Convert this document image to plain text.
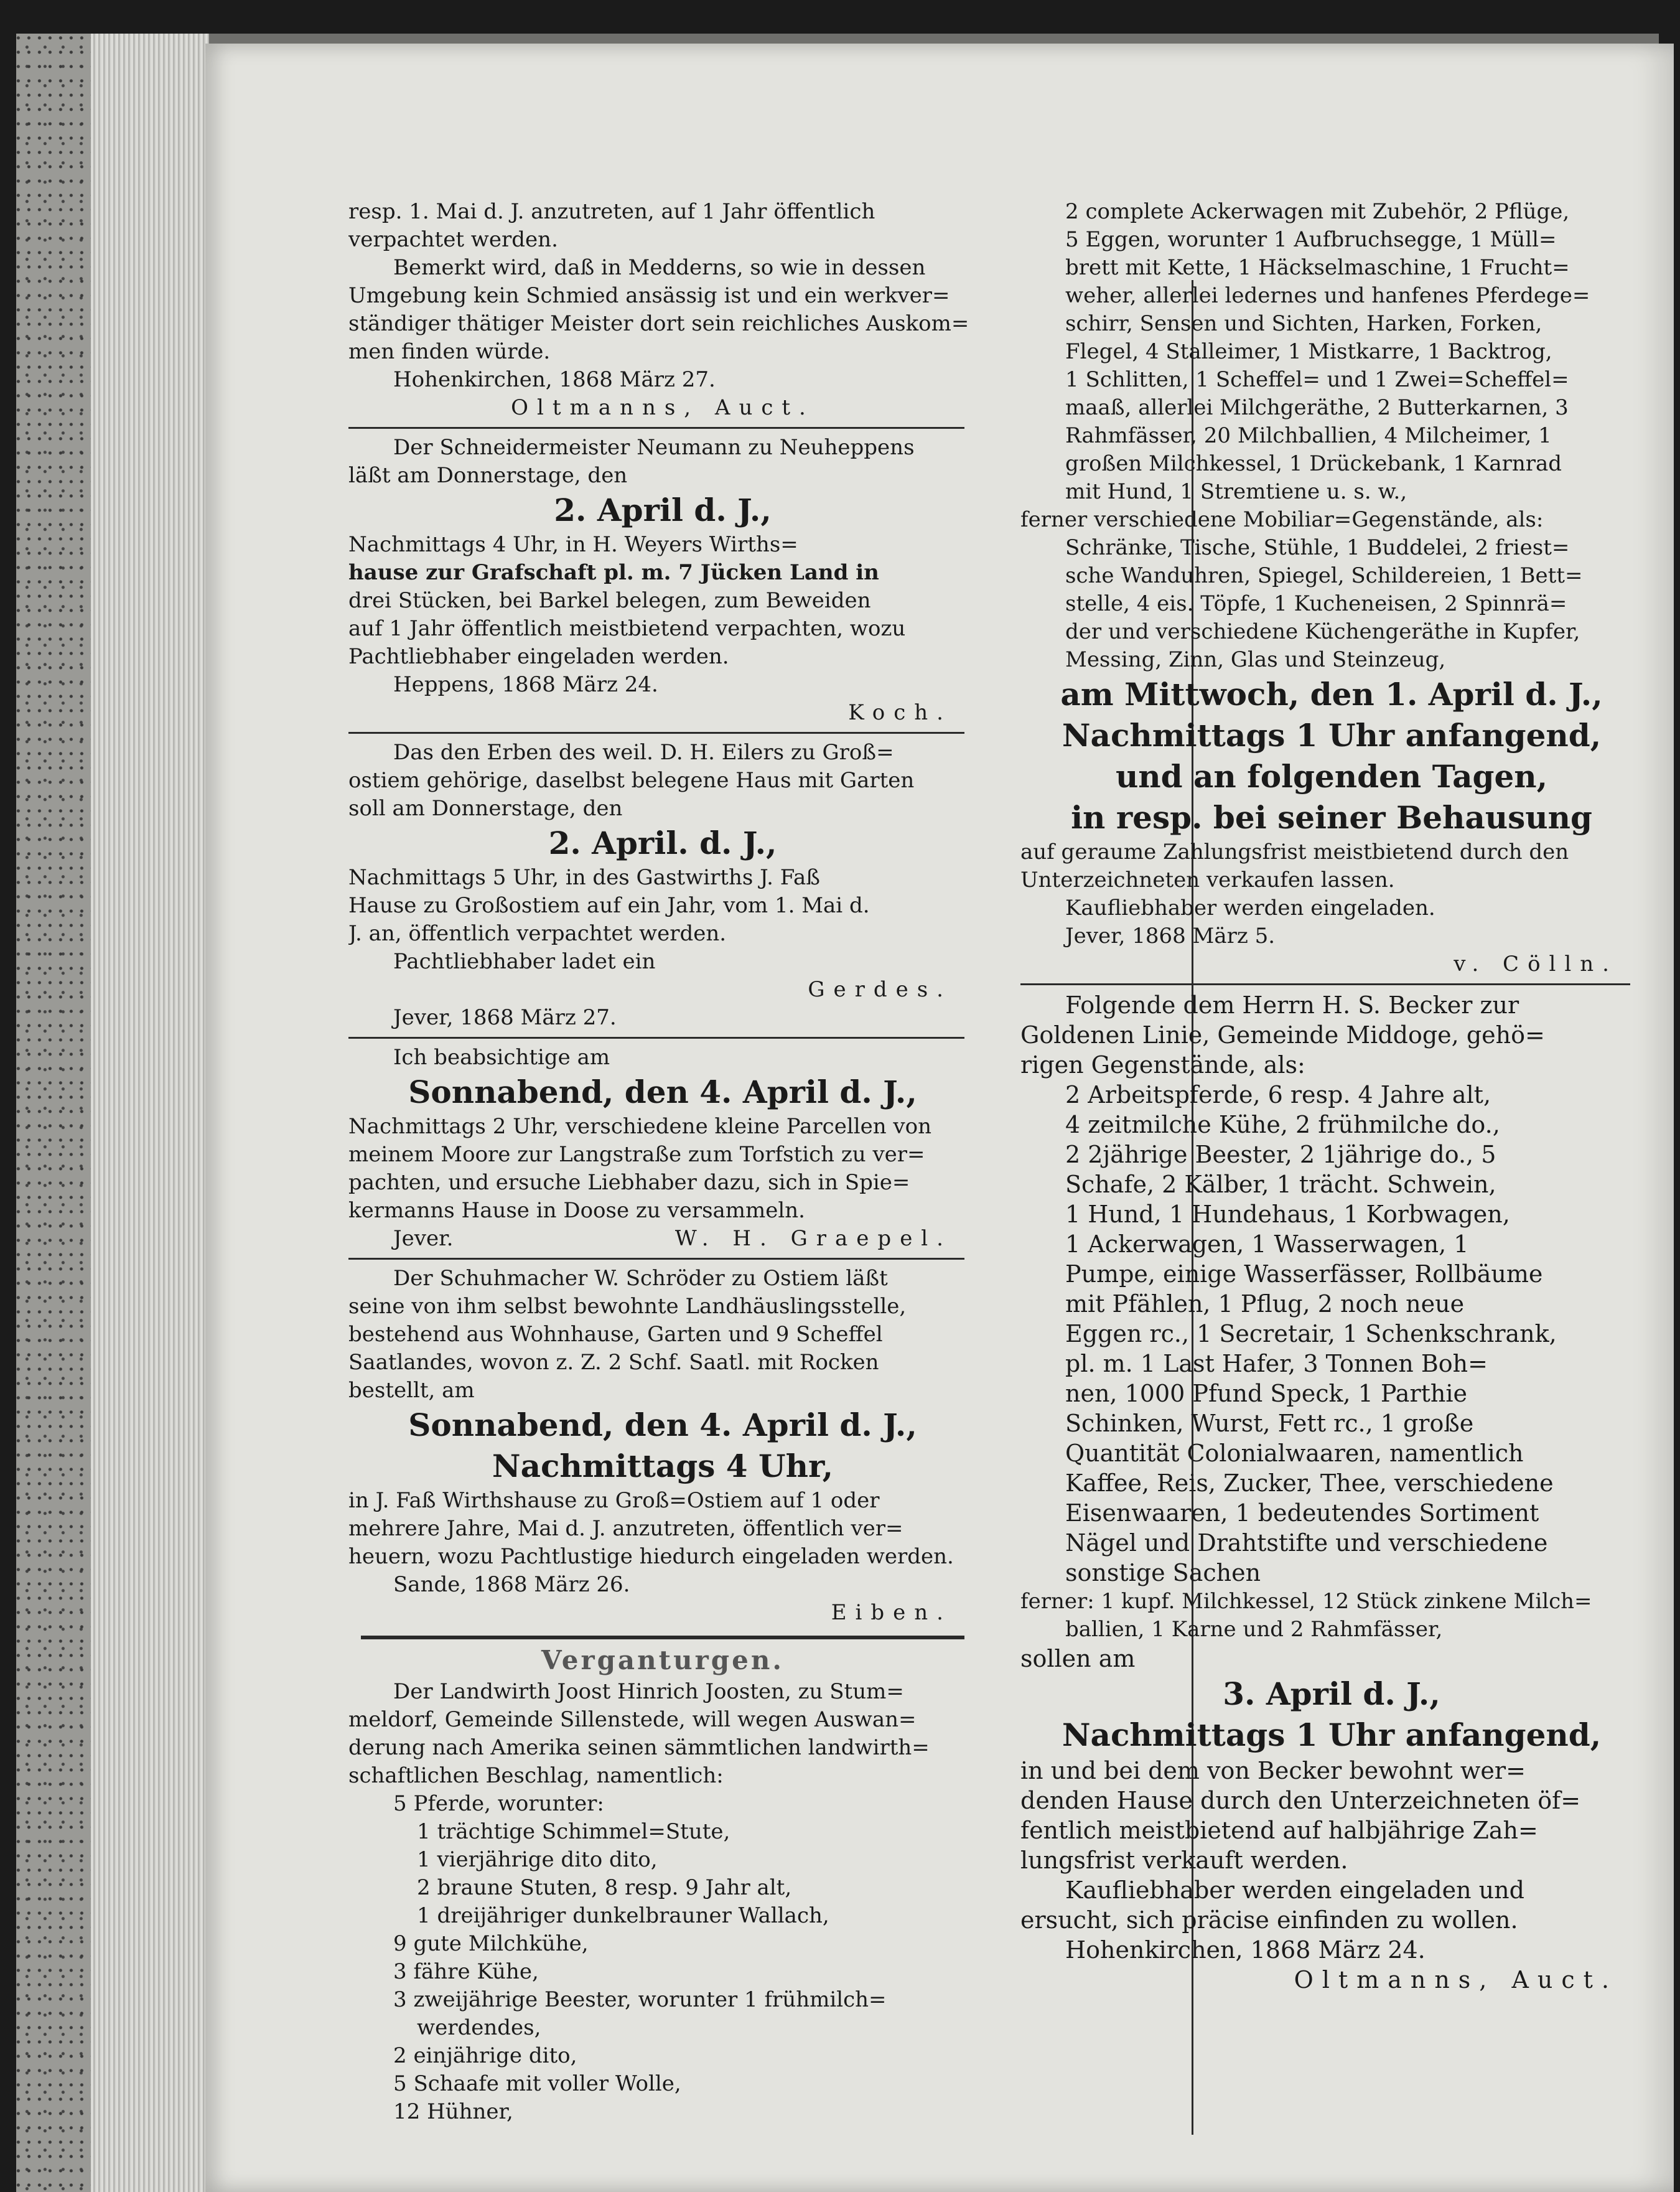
resp. 1. Mai d. J. anzutreten, auf 1 Jahr öffentlich
verpachtet werden.
Bemerkt wird, daß in Medderns, so wie in dessen
Umgebung kein Schmied ansässig ist und ein werkver=
ständiger thätiger Meister dort sein reichliches Auskom=
men finden würde.
Hohenkirchen, 1868 März 27.
Oltmanns, Auct.
Der Schneidermeister Neumann zu Neuheppens
läßt am Donnerstage, den
2. April d. J.,
Nachmittags 4 Uhr, in H. Weyers Wirths=
hause zur Grafschaft pl. m. 7 Jücken Land in
drei Stücken, bei Barkel belegen, zum Beweiden
auf 1 Jahr öffentlich meistbietend verpachten, wozu
Pachtliebhaber eingeladen werden.
Heppens, 1868 März 24.
Koch.
Das den Erben des weil. D. H. Eilers zu Groß=
ostiem gehörige, daselbst belegene Haus mit Garten
soll am Donnerstage, den
2. April. d. J.,
Nachmittags 5 Uhr, in des Gastwirths J. Faß
Hause zu Großostiem auf ein Jahr, vom 1. Mai d.
J. an, öffentlich verpachtet werden.
Pachtliebhaber ladet ein
Gerdes.
Jever, 1868 März 27.
Ich beabsichtige am
Sonnabend, den 4. April d. J.,
Nachmittags 2 Uhr, verschiedene kleine Parcellen von
meinem Moore zur Langstraße zum Torfstich zu ver=
pachten, und ersuche Liebhaber dazu, sich in Spie=
kermanns Hause in Doose zu versammeln.
Jever.	W. H. Graepel.
Der Schuhmacher W. Schröder zu Ostiem läßt
seine von ihm selbst bewohnte Landhäuslingsstelle,
bestehend aus Wohnhause, Garten und 9 Scheffel
Saatlandes, wovon z. Z. 2 Schf. Saatl. mit Rocken
bestellt, am
Sonnabend, den 4. April d. J.,
Nachmittags 4 Uhr,
in J. Faß Wirthshause zu Groß=Ostiem auf 1 oder
mehrere Jahre, Mai d. J. anzutreten, öffentlich ver=
heuern, wozu Pachtlustige hiedurch eingeladen werden.
Sande, 1868 März 26.
Eiben.
Verganturgen.
Der Landwirth Joost Hinrich Joosten, zu Stum=
meldorf, Gemeinde Sillenstede, will wegen Auswan=
derung nach Amerika seinen sämmtlichen landwirth=
schaftlichen Beschlag, namentlich:
5 Pferde, worunter:
1 trächtige Schimmel=Stute,
1 vierjährige dito dito,
2 braune Stuten, 8 resp. 9 Jahr alt,
1 dreijähriger dunkelbrauner Wallach,
9 gute Milchkühe,
3 fähre Kühe,
3 zweijährige Beester, worunter 1 frühmilch=
werdendes,
2 einjährige dito,
5 Schaafe mit voller Wolle,
12 Hühner,
2 complete Ackerwagen mit Zubehör, 2 Pflüge,
5 Eggen, worunter 1 Aufbruchsegge, 1 Müll=
brett mit Kette, 1 Häckselmaschine, 1 Frucht=
weher, allerlei ledernes und hanfenes Pferdege=
schirr, Sensen und Sichten, Harken, Forken,
Flegel, 4 Stalleimer, 1 Mistkarre, 1 Backtrog,
1 Schlitten, 1 Scheffel= und 1 Zwei=Scheffel=
maaß, allerlei Milchgeräthe, 2 Butterkarnen, 3
Rahmfässer, 20 Milchballien, 4 Milcheimer, 1
großen Milchkessel, 1 Drückebank, 1 Karnrad
mit Hund, 1 Stremtiene u. s. w.,
ferner verschiedene Mobiliar=Gegenstände, als:
Schränke, Tische, Stühle, 1 Buddelei, 2 friest=
sche Wanduhren, Spiegel, Schildereien, 1 Bett=
stelle, 4 eis. Töpfe, 1 Kucheneisen, 2 Spinnrä=
der und verschiedene Küchengeräthe in Kupfer,
Messing, Zinn, Glas und Steinzeug,
am Mittwoch, den 1. April d. J.,
Nachmittags 1 Uhr anfangend,
und an folgenden Tagen,
in resp. bei seiner Behausung
auf geraume Zahlungsfrist meistbietend durch den
Unterzeichneten verkaufen lassen.
Kaufliebhaber werden eingeladen.
Jever, 1868 März 5.
v. Cölln.
Folgende dem Herrn H. S. Becker zur
Goldenen Linie, Gemeinde Middoge, gehö=
rigen Gegenstände, als:
2 Arbeitspferde, 6 resp. 4 Jahre alt,
4 zeitmilche Kühe, 2 frühmilche do.,
2 2jährige Beester, 2 1jährige do., 5
Schafe, 2 Kälber, 1 trächt. Schwein,
1 Hund, 1 Hundehaus, 1 Korbwagen,
1 Ackerwagen, 1 Wasserwagen, 1
Pumpe, einige Wasserfässer, Rollbäume
mit Pfählen, 1 Pflug, 2 noch neue
Eggen rc., 1 Secretair, 1 Schenkschrank,
pl. m. 1 Last Hafer, 3 Tonnen Boh=
nen, 1000 Pfund Speck, 1 Parthie
Schinken, Wurst, Fett rc., 1 große
Quantität Colonialwaaren, namentlich
Kaffee, Reis, Zucker, Thee, verschiedene
Eisenwaaren, 1 bedeutendes Sortiment
Nägel und Drahtstifte und verschiedene
sonstige Sachen
ferner: 1 kupf. Milchkessel, 12 Stück zinkene Milch=
ballien, 1 Karne und 2 Rahmfässer,
sollen am
3. April d. J.,
Nachmittags 1 Uhr anfangend,
in und bei dem von Becker bewohnt wer=
denden Hause durch den Unterzeichneten öf=
fentlich meistbietend auf halbjährige Zah=
lungsfrist verkauft werden.
Kaufliebhaber werden eingeladen und
ersucht, sich präcise einfinden zu wollen.
Hohenkirchen, 1868 März 24.
Oltmanns, Auct.
